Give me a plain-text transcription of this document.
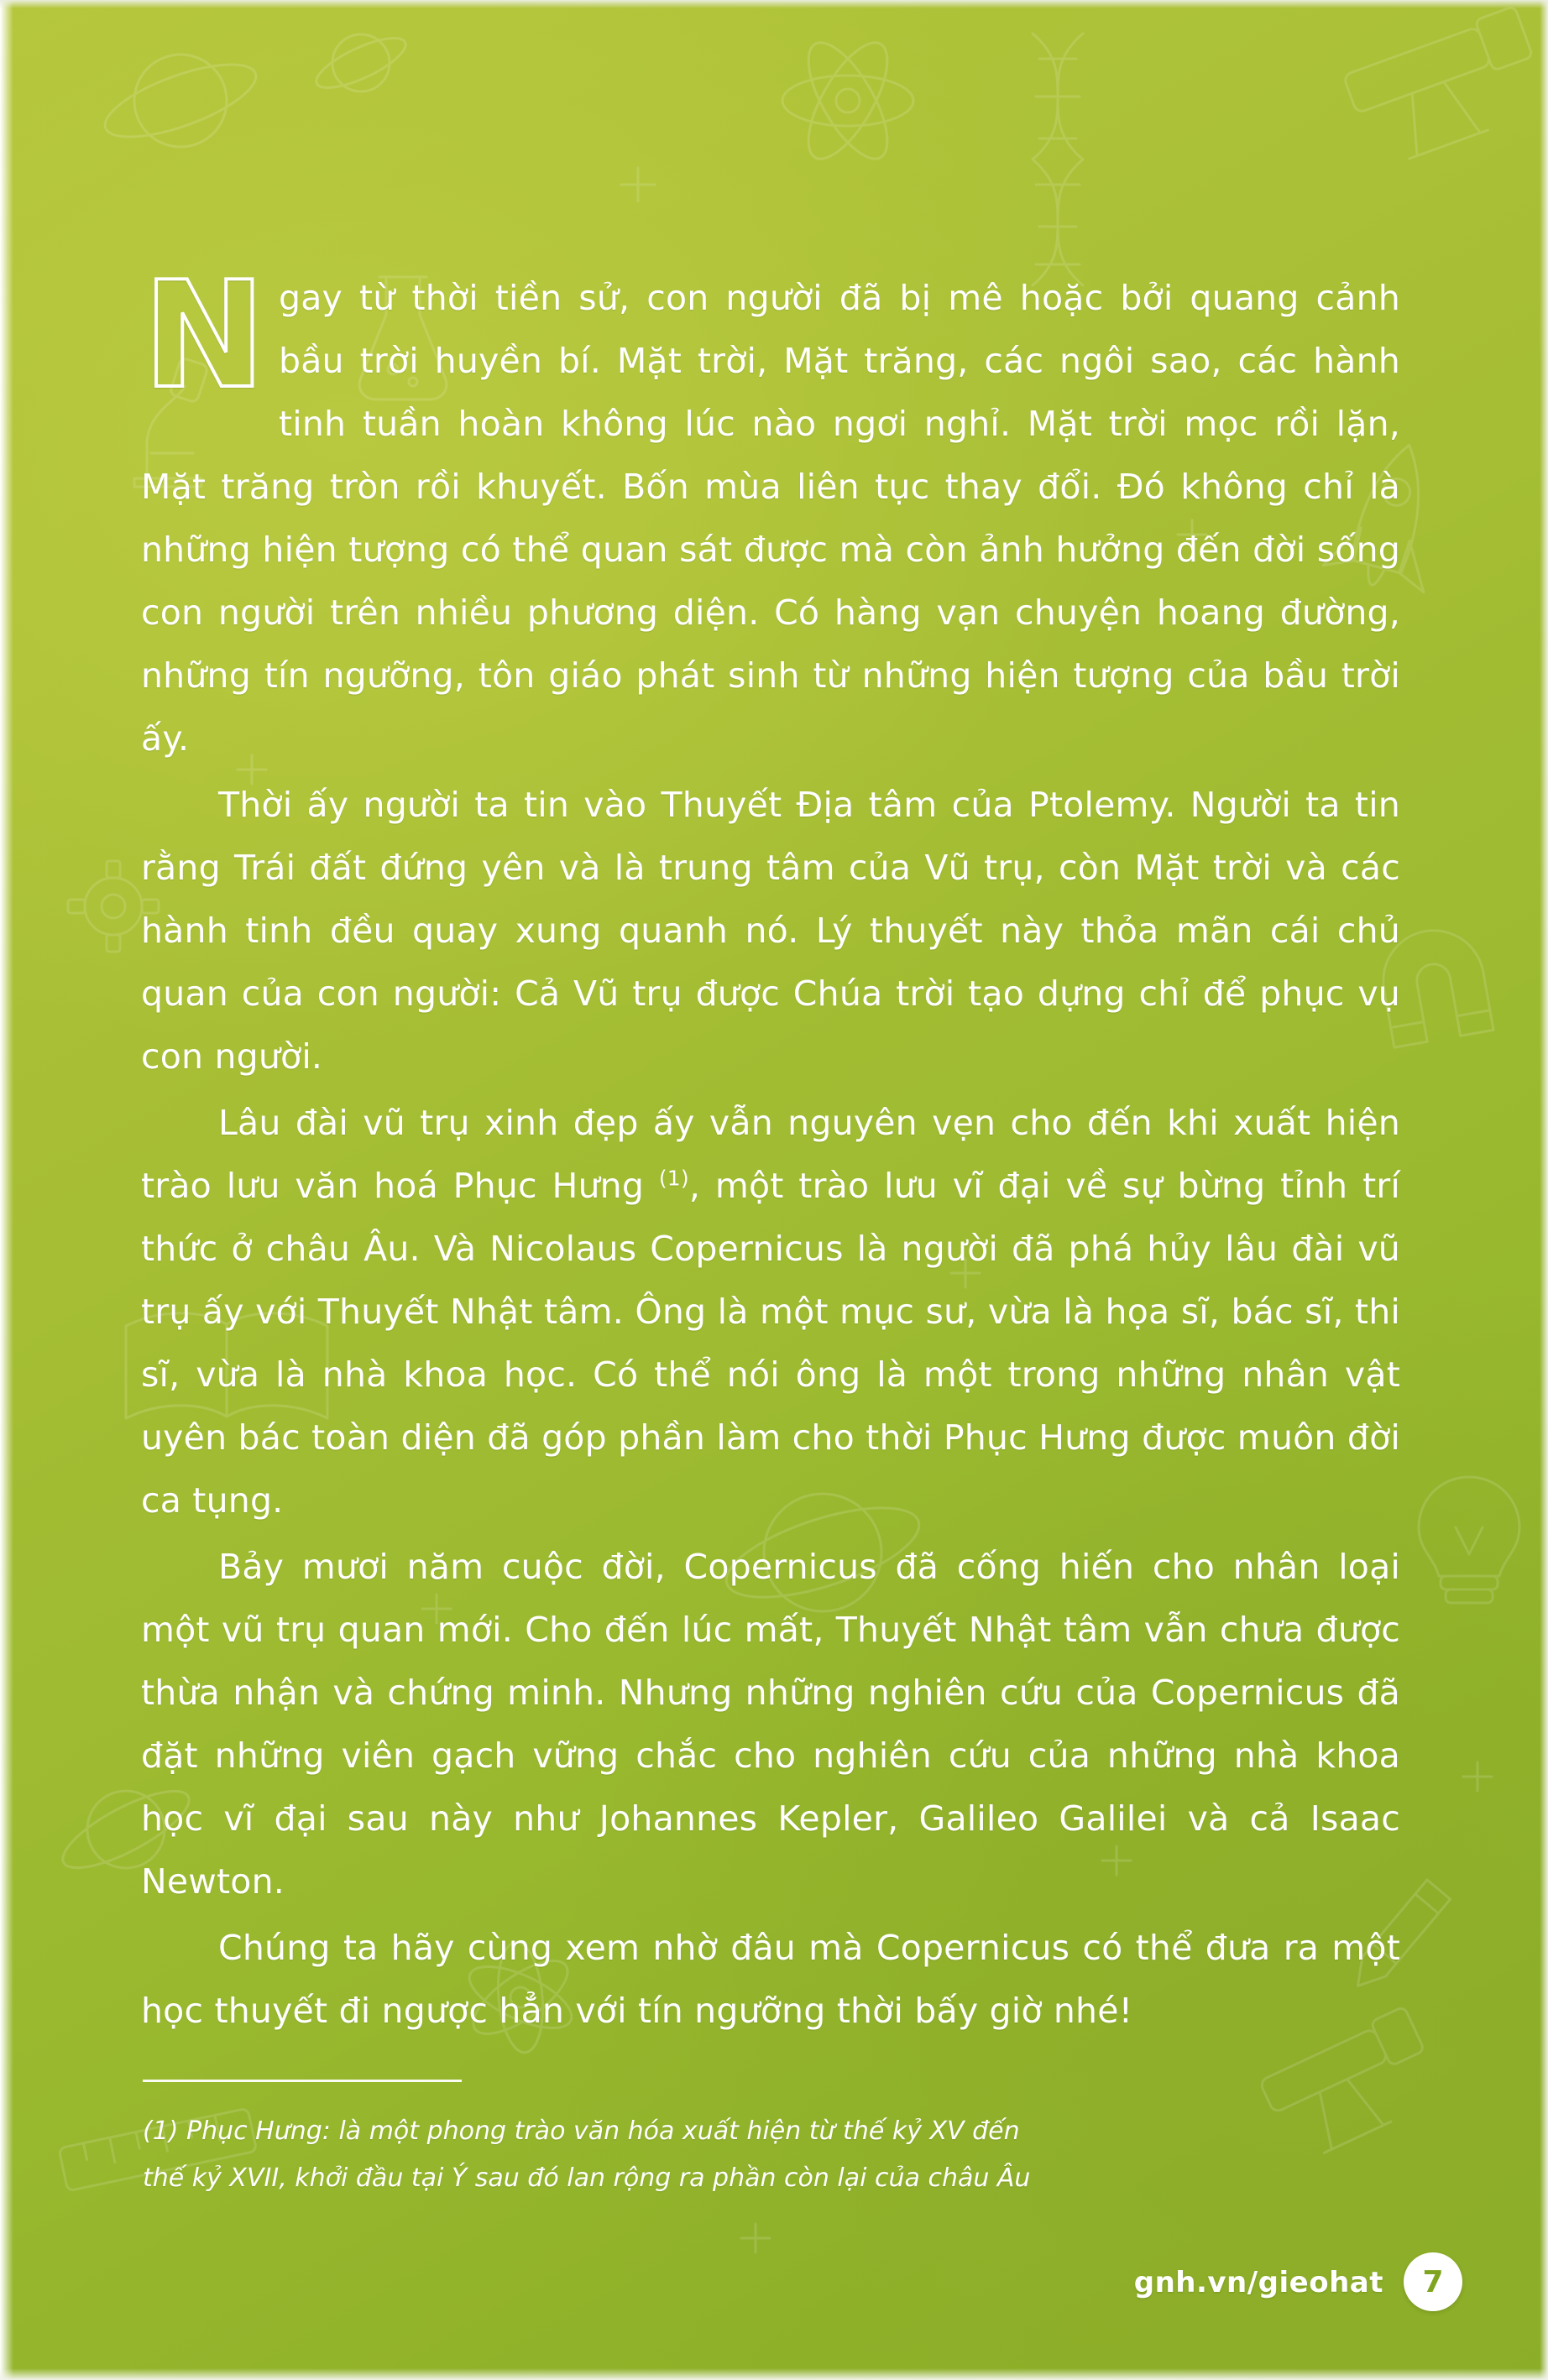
N gay từ thời tiền sử, con người đã bị mê hoặc bởi quang cảnh bầu trời huyền bí. Mặt trời, Mặt trăng, các ngôi sao, các hành tinh tuần hoàn không lúc nào ngơi nghỉ. Mặt trời mọc rồi lặn, Mặt trăng tròn rồi khuyết. Bốn mùa liên tục thay đổi. Đó không chỉ là những hiện tượng có thể quan sát được mà còn ảnh hưởng đến đời sống con người trên nhiều phương diện. Có hàng vạn chuyện hoang đường, những tín ngưỡng, tôn giáo phát sinh từ những hiện tượng của bầu trời ấy.

Thời ấy người ta tin vào Thuyết Địa tâm của Ptolemy. Người ta tin rằng Trái đất đứng yên và là trung tâm của Vũ trụ, còn Mặt trời và các hành tinh đều quay xung quanh nó. Lý thuyết này thỏa mãn cái chủ quan của con người: Cả Vũ trụ được Chúa trời tạo dựng chỉ để phục vụ con người.

Lâu đài vũ trụ xinh đẹp ấy vẫn nguyên vẹn cho đến khi xuất hiện trào lưu văn hoá Phục Hưng $^{(1)}$, một trào lưu vĩ đại về sự bừng tỉnh trí thức ở châu Âu. Và Nicolaus Copernicus là người đã phá hủy lâu đài vũ trụ ấy với Thuyết Nhật tâm. Ông là một mục sư, vừa là họa sĩ, bác sĩ, thi sĩ, vừa là nhà khoa học. Có thể nói ông là một trong những nhân vật uyên bác toàn diện đã góp phần làm cho thời Phục Hưng được muôn đời ca tụng.

Bảy mươi năm cuộc đời, Copernicus đã cống hiến cho nhân loại một vũ trụ quan mới. Cho đến lúc mất, Thuyết Nhật tâm vẫn chưa được thừa nhận và chứng minh. Nhưng những nghiên cứu của Copernicus đã đặt những viên gạch vững chắc cho nghiên cứu của những nhà khoa học vĩ đại sau này như Johannes Kepler, Galileo Galilei và cả Isaac Newton.

Chúng ta hãy cùng xem nhờ đâu mà Copernicus có thể đưa ra một học thuyết đi ngược hẳn với tín ngưỡng thời bấy giờ nhé!

(1) Phục Hưng: là một phong trào văn hóa xuất hiện từ thế kỷ XV đến thế kỷ XVII, khởi đầu tại Ý sau đó lan rộng ra phần còn lại của châu Âu
gnh.vn/gieohat	7
